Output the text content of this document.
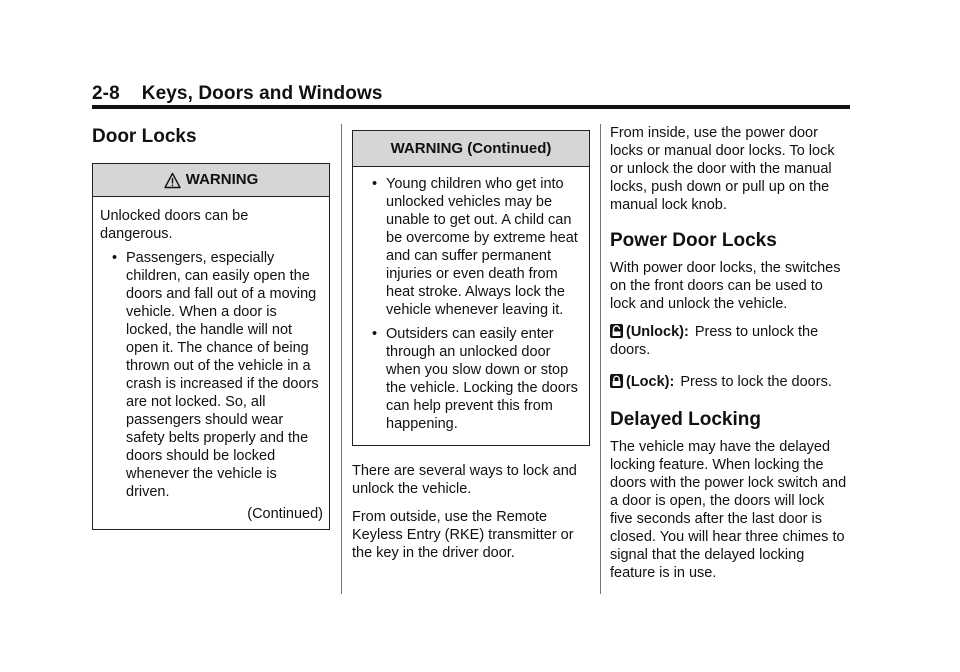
2-8 Keys, Doors and Windows
Door Locks
WARNING

Unlocked doors can be dangerous.

• Passengers, especially children, can easily open the doors and fall out of a moving vehicle. When a door is locked, the handle will not open it. The chance of being thrown out of the vehicle in a crash is increased if the doors are not locked. So, all passengers should wear safety belts properly and the doors should be locked whenever the vehicle is driven.
(Continued)
WARNING (Continued)
• Young children who get into unlocked vehicles may be unable to get out. A child can be overcome by extreme heat and can suffer permanent injuries or even death from heat stroke. Always lock the vehicle whenever leaving it.
• Outsiders can easily enter through an unlocked door when you slow down or stop the vehicle. Locking the doors can help prevent this from happening.

There are several ways to lock and unlock the vehicle.

From outside, use the Remote Keyless Entry (RKE) transmitter or the key in the driver door.

From inside, use the power door locks or manual door locks. To lock or unlock the door with the manual locks, push down or pull up on the manual lock knob.

Power Door Locks

With power door locks, the switches on the front doors can be used to lock and unlock the vehicle.

(Unlock): Press to unlock the doors.

(Lock): Press to lock the doors.

Delayed Locking

The vehicle may have the delayed locking feature. When locking the doors with the power lock switch and a door is open, the doors will lock five seconds after the last door is closed. You will hear three chimes to signal that the delayed locking feature is in use.
